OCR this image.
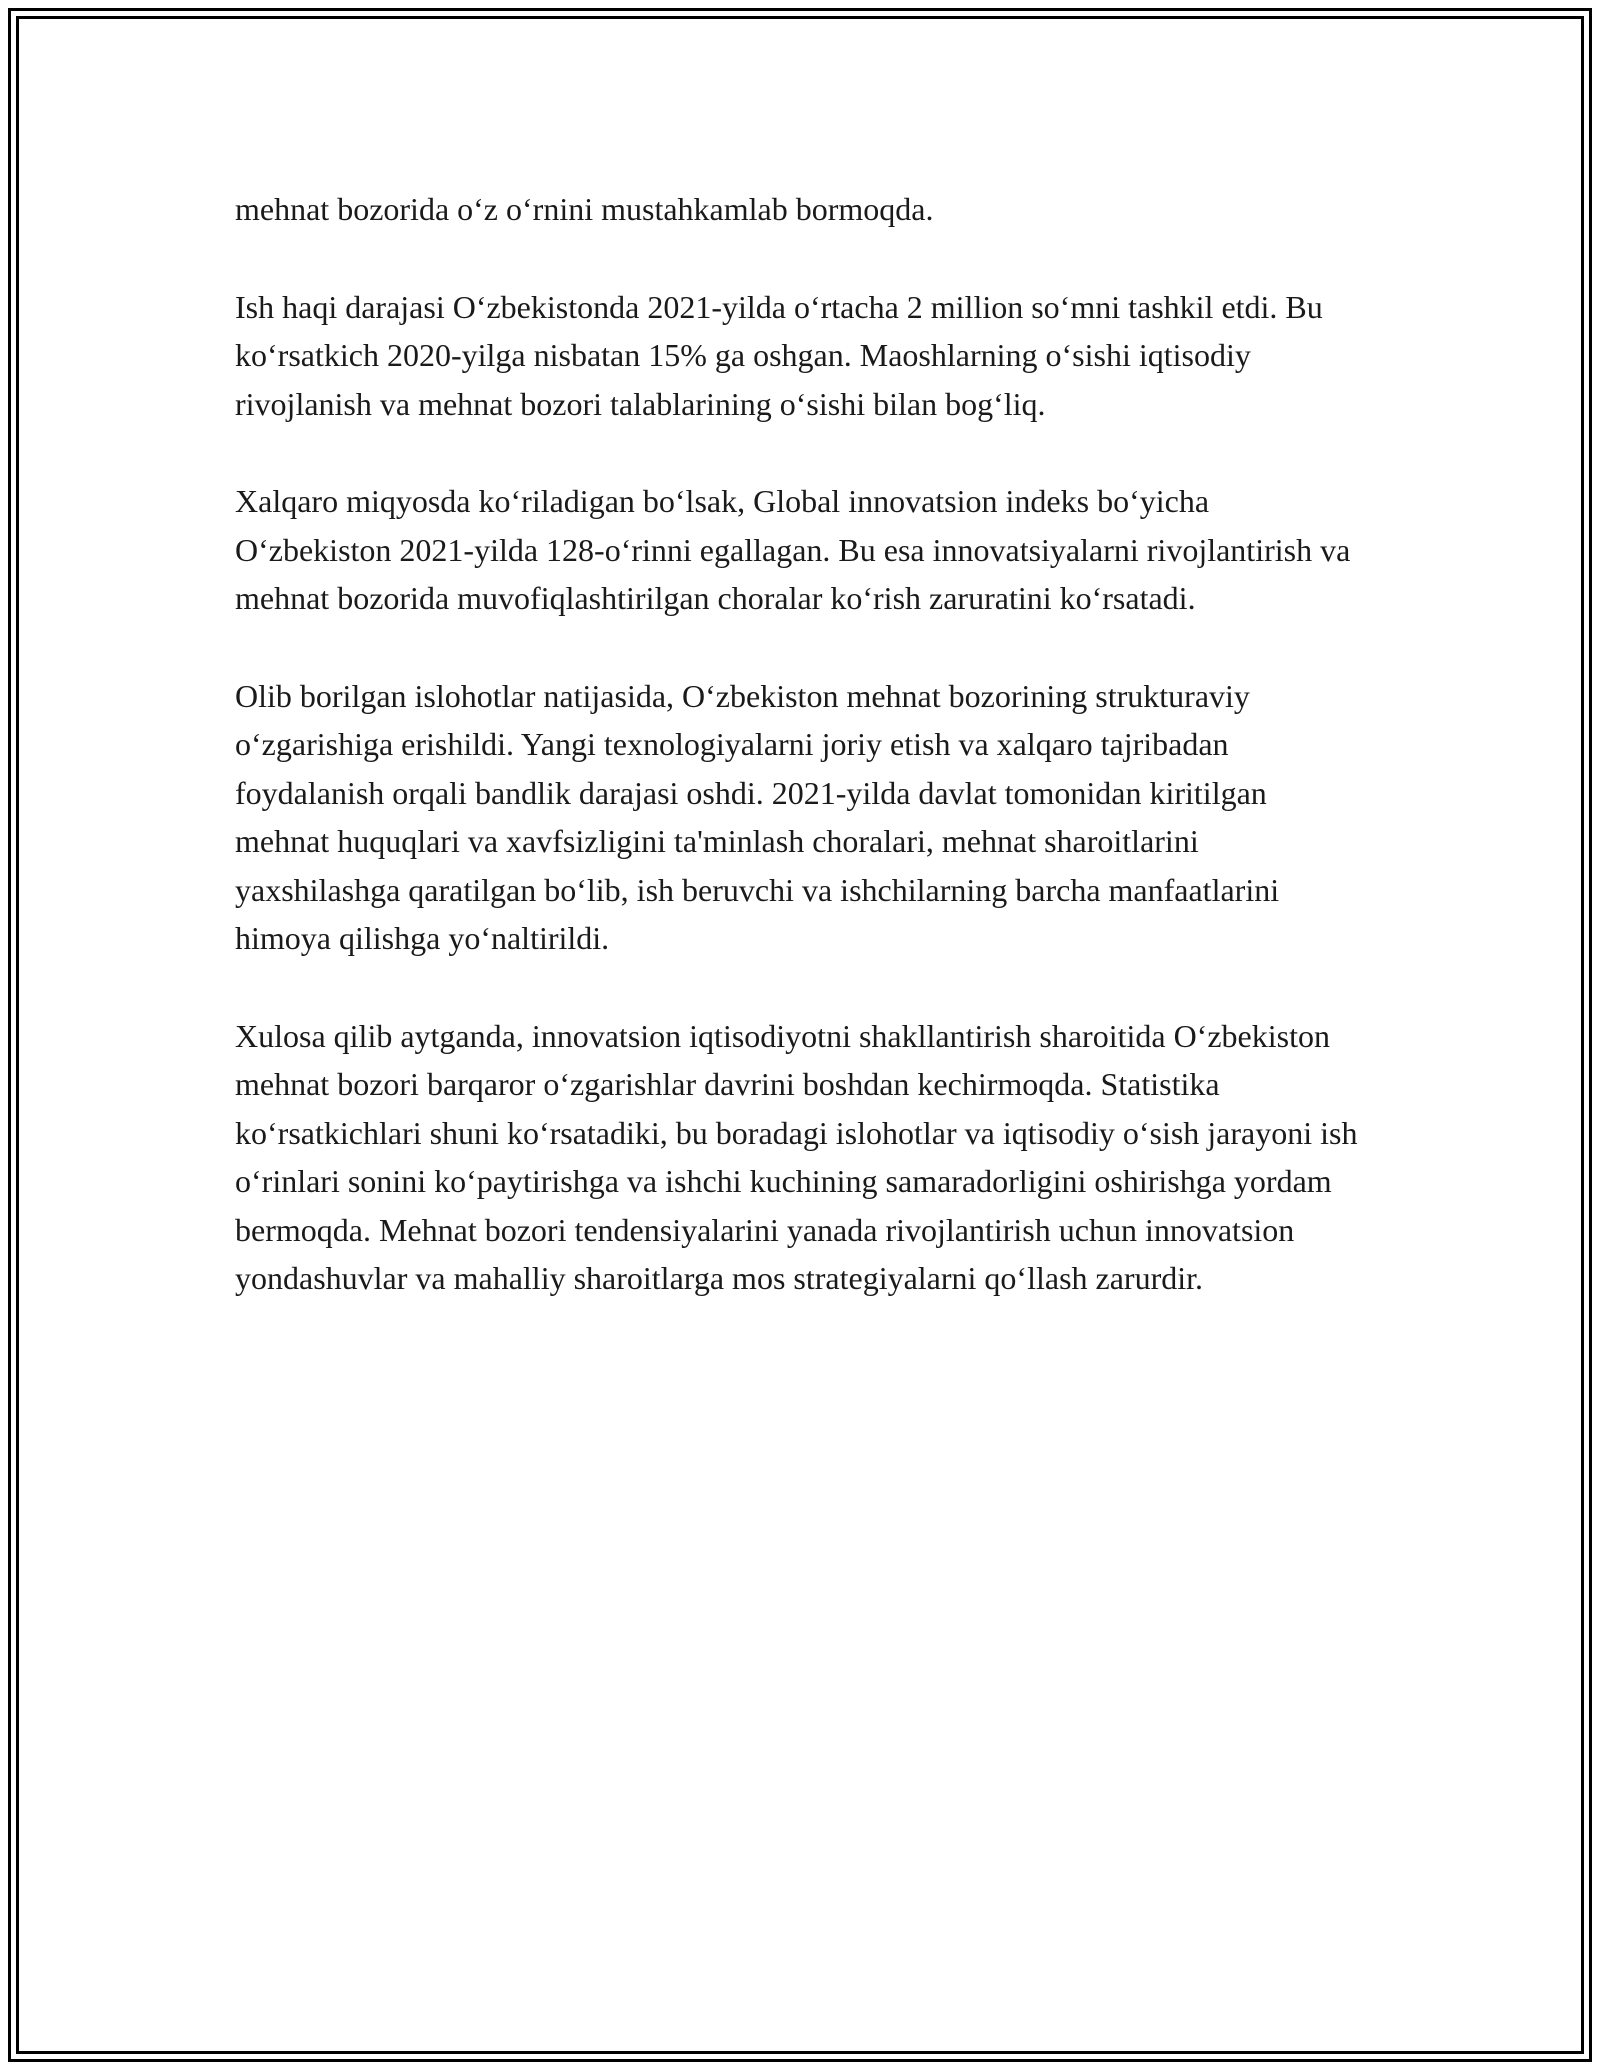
mehnat bozorida o‘z o‘rnini mustahkamlab bormoqda.

Ish haqi darajasi O‘zbekistonda 2021-yilda o‘rtacha 2 million so‘mni tashkil etdi. Bu ko‘rsatkich 2020-yilga nisbatan 15% ga oshgan. Maoshlarning o‘sishi iqtisodiy rivojlanish va mehnat bozori talablarining o‘sishi bilan bog‘liq.

Xalqaro miqyosda ko‘riladigan bo‘lsak, Global innovatsion indeks bo‘yicha O‘zbekiston 2021-yilda 128-o‘rinni egallagan. Bu esa innovatsiyalarni rivojlantirish va mehnat bozorida muvofiqlashtirilgan choralar ko‘rish zaruratini ko‘rsatadi.

Olib borilgan islohotlar natijasida, O‘zbekiston mehnat bozorining strukturaviy o‘zgarishiga erishildi. Yangi texnologiyalarni joriy etish va xalqaro tajribadan foydalanish orqali bandlik darajasi oshdi. 2021-yilda davlat tomonidan kiritilgan mehnat huquqlari va xavfsizligini ta'minlash choralari, mehnat sharoitlarini yaxshilashga qaratilgan bo‘lib, ish beruvchi va ishchilarning barcha manfaatlarini himoya qilishga yo‘naltirildi.

Xulosa qilib aytganda, innovatsion iqtisodiyotni shakllantirish sharoitida O‘zbekiston mehnat bozori barqaror o‘zgarishlar davrini boshdan kechirmoqda. Statistika ko‘rsatkichlari shuni ko‘rsatadiki, bu boradagi islohotlar va iqtisodiy o‘sish jarayoni ish o‘rinlari sonini ko‘paytirishga va ishchi kuchining samaradorligini oshirishga yordam bermoqda. Mehnat bozori tendensiyalarini yanada rivojlantirish uchun innovatsion yondashuvlar va mahalliy sharoitlarga mos strategiyalarni qo‘llash zarurdir.
